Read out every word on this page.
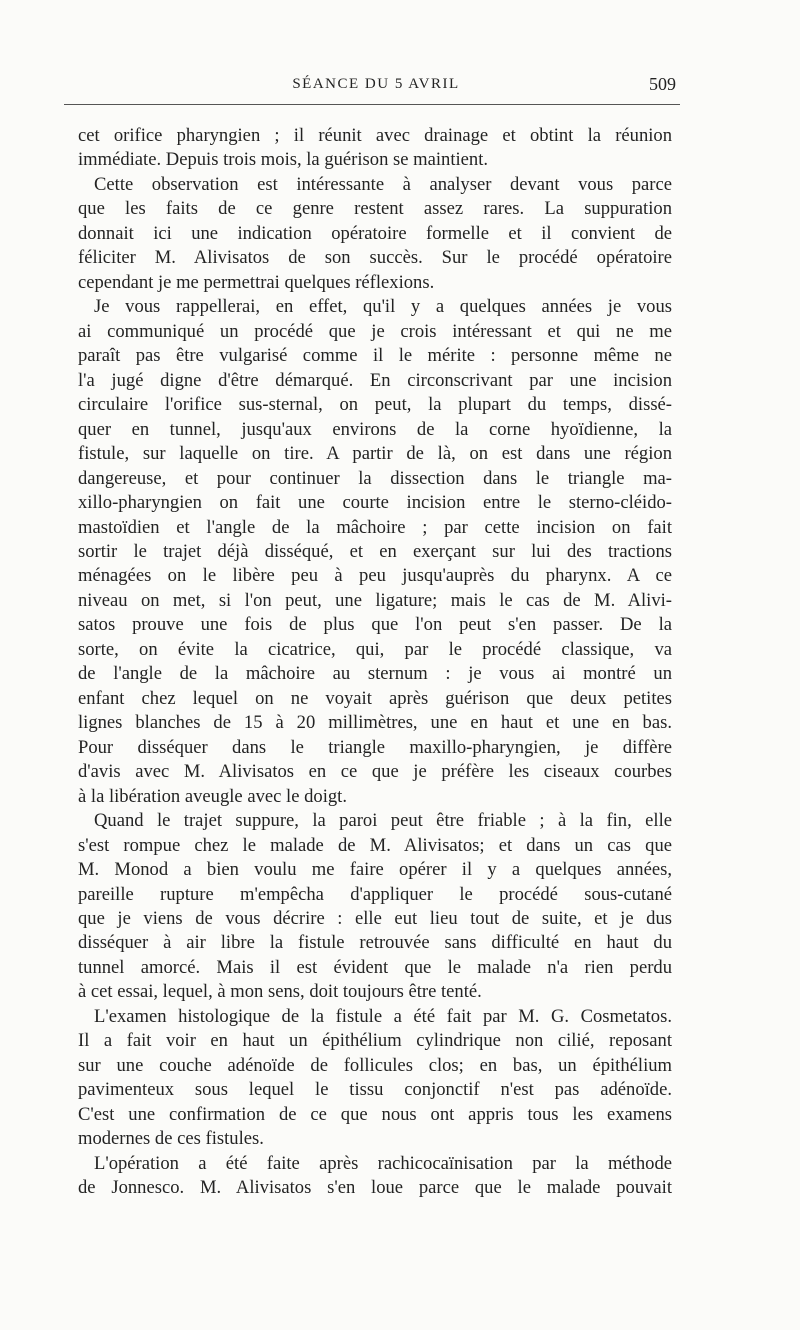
SÉANCE DU 5 AVRIL	509
cet orifice pharyngien ; il réunit avec drainage et obtint la réunion
immédiate. Depuis trois mois, la guérison se maintient.
Cette observation est intéressante à analyser devant vous parce
que les faits de ce genre restent assez rares. La suppuration
donnait ici une indication opératoire formelle et il convient de
féliciter M. Alivisatos de son succès. Sur le procédé opératoire
cependant je me permettrai quelques réflexions.
Je vous rappellerai, en effet, qu'il y a quelques années je vous
ai communiqué un procédé que je crois intéressant et qui ne me
paraît pas être vulgarisé comme il le mérite : personne même ne
l'a jugé digne d'être démarqué. En circonscrivant par une incision
circulaire l'orifice sus-sternal, on peut, la plupart du temps, dissé-
quer en tunnel, jusqu'aux environs de la corne hyoïdienne, la
fistule, sur laquelle on tire. A partir de là, on est dans une région
dangereuse, et pour continuer la dissection dans le triangle ma-
xillo-pharyngien on fait une courte incision entre le sterno-cléido-
mastoïdien et l'angle de la mâchoire ; par cette incision on fait
sortir le trajet déjà disséqué, et en exerçant sur lui des tractions
ménagées on le libère peu à peu jusqu'auprès du pharynx. A ce
niveau on met, si l'on peut, une ligature; mais le cas de M. Alivi-
satos prouve une fois de plus que l'on peut s'en passer. De la
sorte, on évite la cicatrice, qui, par le procédé classique, va
de l'angle de la mâchoire au sternum : je vous ai montré un
enfant chez lequel on ne voyait après guérison que deux petites
lignes blanches de 15 à 20 millimètres, une en haut et une en bas.
Pour disséquer dans le triangle maxillo-pharyngien, je diffère
d'avis avec M. Alivisatos en ce que je préfère les ciseaux courbes
à la libération aveugle avec le doigt.
Quand le trajet suppure, la paroi peut être friable ; à la fin, elle
s'est rompue chez le malade de M. Alivisatos; et dans un cas que
M. Monod a bien voulu me faire opérer il y a quelques années,
pareille rupture m'empêcha d'appliquer le procédé sous-cutané
que je viens de vous décrire : elle eut lieu tout de suite, et je dus
disséquer à air libre la fistule retrouvée sans difficulté en haut du
tunnel amorcé. Mais il est évident que le malade n'a rien perdu
à cet essai, lequel, à mon sens, doit toujours être tenté.
L'examen histologique de la fistule a été fait par M. G. Cosmetatos.
Il a fait voir en haut un épithélium cylindrique non cilié, reposant
sur une couche adénoïde de follicules clos; en bas, un épithélium
pavimenteux sous lequel le tissu conjonctif n'est pas adénoïde.
C'est une confirmation de ce que nous ont appris tous les examens
modernes de ces fistules.
L'opération a été faite après rachicocaïnisation par la méthode
de Jonnesco. M. Alivisatos s'en loue parce que le malade pouvait
